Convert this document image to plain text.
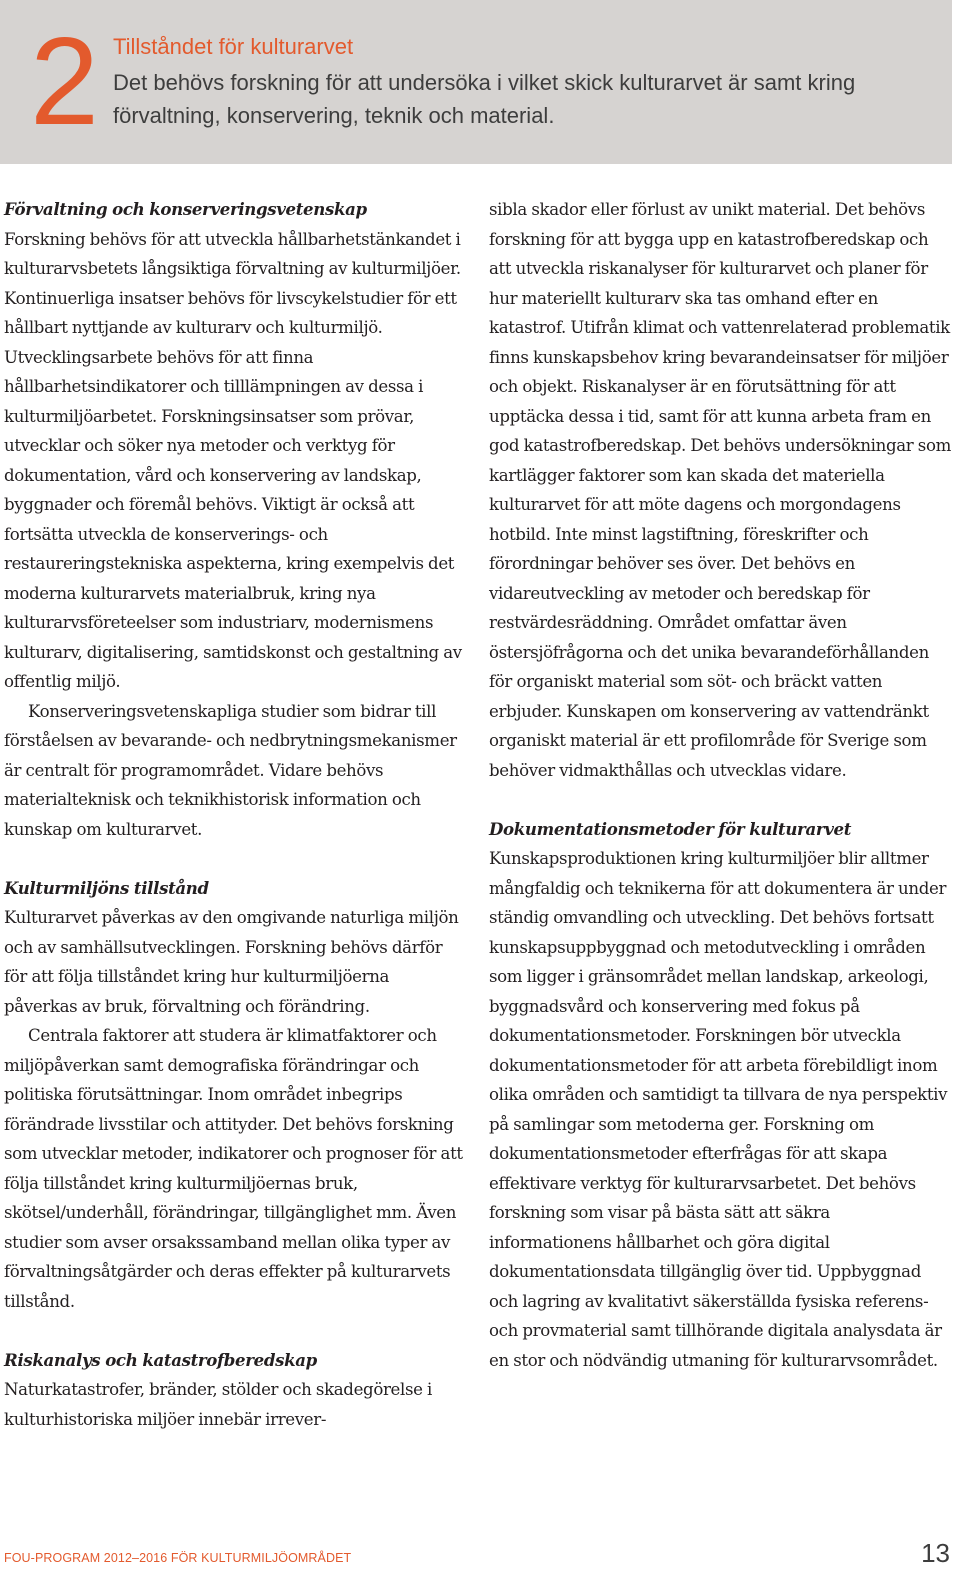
2 Tillståndet för kulturarvet
Det behövs forskning för att undersöka i vilket skick kulturarvet är samt kring förvaltning, konservering, teknik och material.

Förvaltning och konserveringsvetenskap

Forskning behövs för att utveckla hållbarhetstänkandet i kulturarvsbetets långsiktiga förvaltning av kulturmiljöer. Kontinuerliga insatser behövs för livscykelstudier för ett hållbart nyttjande av kulturarv och kulturmiljö. Utvecklingsarbete behövs för att finna hållbarhetsindikatorer och tilllämpningen av dessa i kulturmiljöarbetet. Forskningsinsatser som prövar, utvecklar och söker nya metoder och verktyg för dokumentation, vård och konservering av landskap, byggnader och föremål behövs. Viktigt är också att fortsätta utveckla de konserverings- och restaureringstekniska aspekterna, kring exempelvis det moderna kulturarvets materialbruk, kring nya kulturarvsföreteelser som industriarv, modernismens kulturarv, digitalisering, samtidskonst och gestaltning av offentlig miljö.

Konserveringsvetenskapliga studier som bidrar till förståelsen av bevarande- och nedbrytningsmekanismer är centralt för programområdet. Vidare behövs materialteknisk och teknikhistorisk information och kunskap om kulturarvet.

Kulturmiljöns tillstånd

Kulturarvet påverkas av den omgivande naturliga miljön och av samhällsutvecklingen. Forskning behövs därför för att följa tillståndet kring hur kulturmiljöerna påverkas av bruk, förvaltning och förändring.

Centrala faktorer att studera är klimatfaktorer och miljöpåverkan samt demografiska förändringar och politiska förutsättningar. Inom området inbegrips förändrade livsstilar och attityder. Det behövs forskning som utvecklar metoder, indikatorer och prognoser för att följa tillståndet kring kulturmiljöernas bruk, skötsel/underhåll, förändringar, tillgänglighet mm. Även studier som avser orsakssamband mellan olika typer av förvaltningsåtgärder och deras effekter på kulturarvets tillstånd.

Riskanalys och katastrofberedskap

Naturkatastrofer, bränder, stölder och skadegörelse i kulturhistoriska miljöer innebär irrever-

sibla skador eller förlust av unikt material. Det behövs forskning för att bygga upp en katastrofberedskap och att utveckla riskanalyser för kulturarvet och planer för hur materiellt kulturarv ska tas omhand efter en katastrof. Utifrån klimat och vattenrelaterad problematik finns kunskapsbehov kring bevarandeinsatser för miljöer och objekt. Riskanalyser är en förutsättning för att upptäcka dessa i tid, samt för att kunna arbeta fram en god katastrofberedskap. Det behövs undersökningar som kartlägger faktorer som kan skada det materiella kulturarvet för att möte dagens och morgondagens hotbild. Inte minst lagstiftning, föreskrifter och förordningar behöver ses över. Det behövs en vidareutveckling av metoder och beredskap för restvärdesräddning. Området omfattar även östersjöfrågorna och det unika bevarandeförhållanden för organiskt material som söt- och bräckt vatten erbjuder. Kunskapen om konservering av vattendränkt organiskt material är ett profilområde för Sverige som behöver vidmakthållas och utvecklas vidare.

Dokumentationsmetoder för kulturarvet

Kunskapsproduktionen kring kulturmiljöer blir alltmer mångfaldig och teknikerna för att dokumentera är under ständig omvandling och utveckling. Det behövs fortsatt kunskapsuppbyggnad och metodutveckling i områden som ligger i gränsområdet mellan landskap, arkeologi, byggnadsvård och konservering med fokus på dokumentationsmetoder. Forskningen bör utveckla dokumentationsmetoder för att arbeta förebildligt inom olika områden och samtidigt ta tillvara de nya perspektiv på samlingar som metoderna ger. Forskning om dokumentationsmetoder efterfrågas för att skapa effektivare verktyg för kulturarvsarbetet. Det behövs forskning som visar på bästa sätt att säkra informationens hållbarhet och göra digital dokumentationsdata tillgänglig över tid. Uppbyggnad och lagring av kvalitativt säkerställda fysiska referens- och provmaterial samt tillhörande digitala analysdata är en stor och nödvändig utmaning för kulturarvsområdet.

FOU-PROGRAM 2012–2016 FÖR KULTURMILJÖOMRÅDET	13
